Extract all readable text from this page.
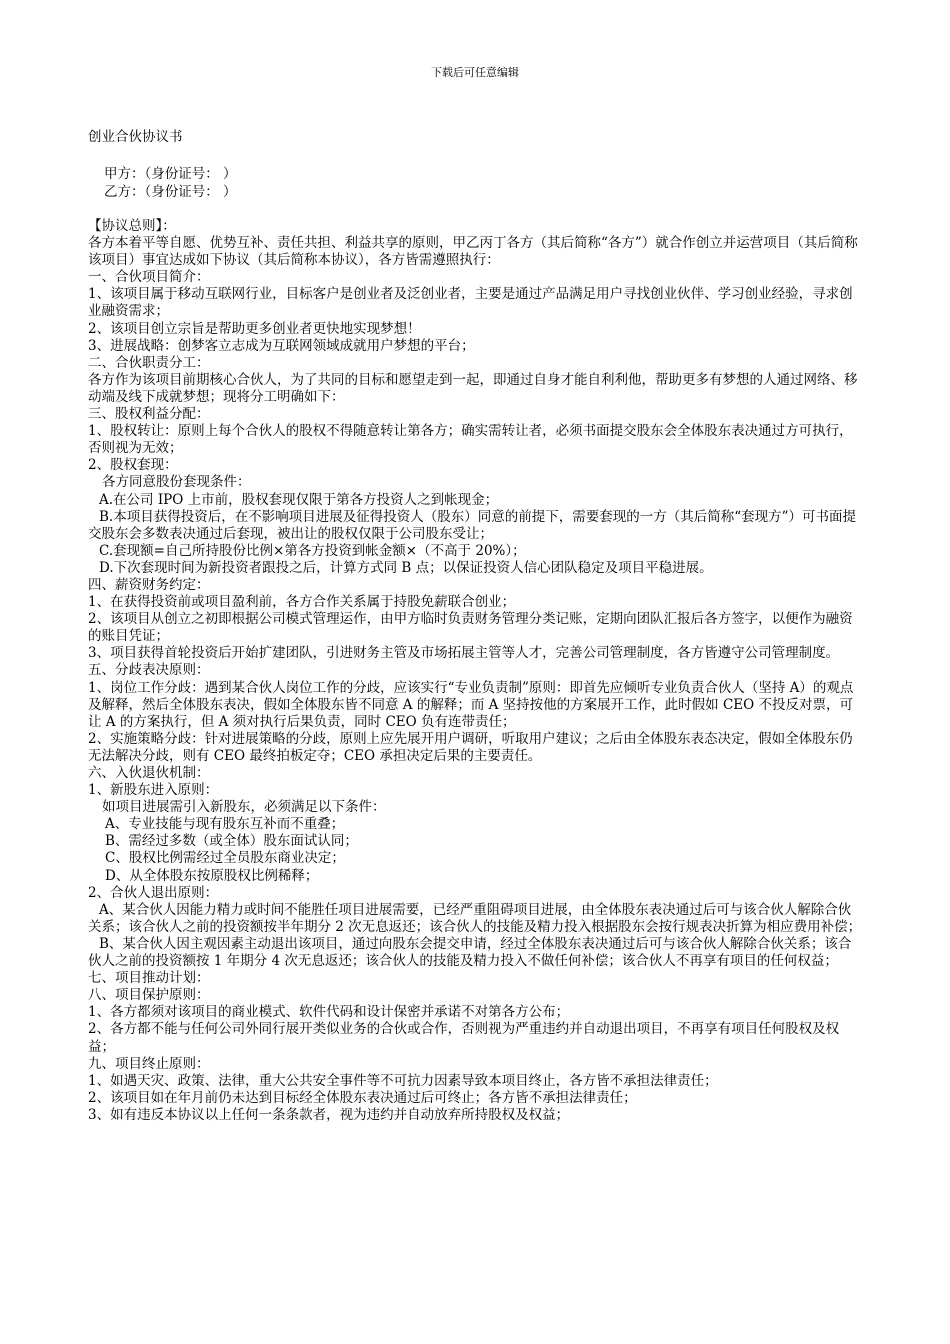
下载后可任意编辑
创业合伙协议书
甲方：（身份证号： ）
乙方：（身份证号： ）

【协议总则】：

各方本着平等自愿、优势互补、责任共担、利益共享的原则，甲乙丙丁各方（其后简称“各方”）就合作创立并运营项目（其后简称该项目）事宜达成如下协议（其后简称本协议），各方皆需遵照执行：

一、合伙项目简介：

1、该项目属于移动互联网行业，目标客户是创业者及泛创业者，主要是通过产品满足用户寻找创业伙伴、学习创业经验，寻求创业融资需求；

2、该项目创立宗旨是帮助更多创业者更快地实现梦想！

3、进展战略：创梦客立志成为互联网领域成就用户梦想的平台；

二、合伙职责分工：

各方作为该项目前期核心合伙人，为了共同的目标和愿望走到一起，即通过自身才能自利利他，帮助更多有梦想的人通过网络、移动端及线下成就梦想；现将分工明确如下：

三、股权利益分配：

1、股权转让：原则上每个合伙人的股权不得随意转让第各方；确实需转让者，必须书面提交股东会全体股东表决通过方可执行，否则视为无效；

2、股权套现：

各方同意股份套现条件：

A.在公司 IPO 上市前，股权套现仅限于第各方投资人之到帐现金；

B.本项目获得投资后，在不影响项目进展及征得投资人（股东）同意的前提下，需要套现的一方（其后简称“套现方”）可书面提交股东会多数表决通过后套现，被出让的股权仅限于公司股东受让；

C.套现额=自己所持股份比例×第各方投资到帐金额×（不高于 20%）；

D.下次套现时间为新投资者跟投之后，计算方式同 B 点；以保证投资人信心团队稳定及项目平稳进展。

四、薪资财务约定：

1、在获得投资前或项目盈利前，各方合作关系属于持股免薪联合创业；

2、该项目从创立之初即根据公司模式管理运作，由甲方临时负责财务管理分类记账，定期向团队汇报后各方签字，以便作为融资的账目凭证；

3、项目获得首轮投资后开始扩建团队，引进财务主管及市场拓展主管等人才，完善公司管理制度，各方皆遵守公司管理制度。

五、分歧表决原则：

1、岗位工作分歧：遇到某合伙人岗位工作的分歧，应该实行“专业负责制”原则：即首先应倾听专业负责合伙人（坚持 A）的观点及解释，然后全体股东表决，假如全体股东皆不同意 A 的解释；而 A 坚持按他的方案展开工作，此时假如 CEO 不投反对票，可让 A 的方案执行，但 A 须对执行后果负责，同时 CEO 负有连带责任；

2、实施策略分歧：针对进展策略的分歧，原则上应先展开用户调研，听取用户建议；之后由全体股东表态决定，假如全体股东仍无法解决分歧，则有 CEO 最终拍板定夺；CEO 承担决定后果的主要责任。

六、入伙退伙机制：

1、新股东进入原则：

如项目进展需引入新股东，必须满足以下条件：

A、专业技能与现有股东互补而不重叠；

B、需经过多数（或全体）股东面试认同；

C、股权比例需经过全员股东商业决定；

D、从全体股东按原股权比例稀释；

2、合伙人退出原则：

A、某合伙人因能力精力或时间不能胜任项目进展需要，已经严重阻碍项目进展，由全体股东表决通过后可与该合伙人解除合伙关系；该合伙人之前的投资额按半年期分 2 次无息返还；该合伙人的技能及精力投入根据股东会按行规表决折算为相应费用补偿；

B、某合伙人因主观因素主动退出该项目，通过向股东会提交申请，经过全体股东表决通过后可与该合伙人解除合伙关系；该合伙人之前的投资额按 1 年期分 4 次无息返还；该合伙人的技能及精力投入不做任何补偿；该合伙人不再享有项目的任何权益；

七、项目推动计划：

八、项目保护原则：

1、各方都须对该项目的商业模式、软件代码和设计保密并承诺不对第各方公布；

2、各方都不能与任何公司外同行展开类似业务的合伙或合作，否则视为严重违约并自动退出项目，不再享有项目任何股权及权益；

九、项目终止原则：

1、如遇天灾、政策、法律，重大公共安全事件等不可抗力因素导致本项目终止，各方皆不承担法律责任；

2、该项目如在年月前仍未达到目标经全体股东表决通过后可终止；各方皆不承担法律责任；

3、如有违反本协议以上任何一条条款者，视为违约并自动放弃所持股权及权益；
